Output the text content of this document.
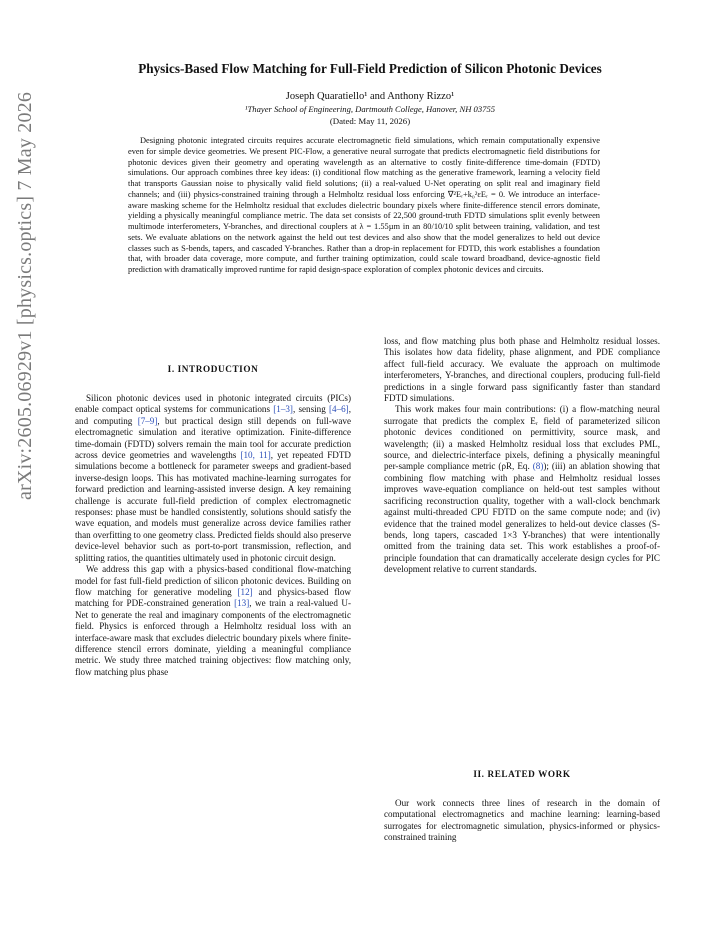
arXiv:2605.06929v1 [physics.optics] 7 May 2026
Physics-Based Flow Matching for Full-Field Prediction of Silicon Photonic Devices
Joseph Quaratiello¹ and Anthony Rizzo¹
¹Thayer School of Engineering, Dartmouth College, Hanover, NH 03755
(Dated: May 11, 2026)

Designing photonic integrated circuits requires accurate electromagnetic field simulations, which remain computationally expensive even for simple device geometries. We present PIC-Flow, a generative neural surrogate that predicts electromagnetic field distributions for photonic devices given their geometry and operating wavelength as an alternative to costly finite-difference time-domain (FDTD) simulations. Our approach combines three key ideas: (i) conditional flow matching as the generative framework, learning a velocity field that transports Gaussian noise to physically valid field solutions; (ii) a real-valued U-Net operating on split real and imaginary field channels; and (iii) physics-constrained training through a Helmholtz residual loss enforcing ∇²Eᵣ+k₀²εEᵣ = 0. We introduce an interface-aware masking scheme for the Helmholtz residual that excludes dielectric boundary pixels where finite-difference stencil errors dominate, yielding a physically meaningful compliance metric. The data set consists of 22,500 ground-truth FDTD simulations split evenly between multimode interferometers, Y-branches, and directional couplers at λ = 1.55µm in an 80/10/10 split between training, validation, and test sets. We evaluate ablations on the network against the held out test devices and also show that the model generalizes to held out device classes such as S-bends, tapers, and cascaded Y-branches. Rather than a drop-in replacement for FDTD, this work establishes a foundation that, with broader data coverage, more compute, and further training optimization, could scale toward broadband, device-agnostic field prediction with dramatically improved runtime for rapid design-space exploration of complex photonic devices and circuits.

I. INTRODUCTION

Silicon photonic devices used in photonic integrated circuits (PICs) enable compact optical systems for communications [1–3], sensing [4–6], and computing [7–9], but practical design still depends on full-wave electromagnetic simulation and iterative optimization. Finite-difference time-domain (FDTD) solvers remain the main tool for accurate prediction across device geometries and wavelengths [10, 11], yet repeated FDTD simulations become a bottleneck for parameter sweeps and gradient-based inverse-design loops. This has motivated machine-learning surrogates for forward prediction and learning-assisted inverse design. A key remaining challenge is accurate full-field prediction of complex electromagnetic responses: phase must be handled consistently, solutions should satisfy the wave equation, and models must generalize across device families rather than overfitting to one geometry class. Predicted fields should also preserve device-level behavior such as port-to-port transmission, reflection, and splitting ratios, the quantities ultimately used in photonic circuit design.

We address this gap with a physics-based conditional flow-matching model for fast full-field prediction of silicon photonic devices. Building on flow matching for generative modeling [12] and physics-based flow matching for PDE-constrained generation [13], we train a real-valued U-Net to generate the real and imaginary components of the electromagnetic field. Physics is enforced through a Helmholtz residual loss with an interface-aware mask that excludes dielectric boundary pixels where finite-difference stencil errors dominate, yielding a meaningful compliance metric. We study three matched training objectives: flow matching only, flow matching plus phase

loss, and flow matching plus both phase and Helmholtz residual losses. This isolates how data fidelity, phase alignment, and PDE compliance affect full-field accuracy. We evaluate the approach on multimode interferometers, Y-branches, and directional couplers, producing full-field predictions in a single forward pass significantly faster than standard FDTD simulations.

This work makes four main contributions: (i) a flow-matching neural surrogate that predicts the complex Eᵣ field of parameterized silicon photonic devices conditioned on permittivity, source mask, and wavelength; (ii) a masked Helmholtz residual loss that excludes PML, source, and dielectric-interface pixels, defining a physically meaningful per-sample compliance metric (ρR, Eq. (8)); (iii) an ablation showing that combining flow matching with phase and Helmholtz residual losses improves wave-equation compliance on held-out test samples without sacrificing reconstruction quality, together with a wall-clock benchmark against multi-threaded CPU FDTD on the same compute node; and (iv) evidence that the trained model generalizes to held-out device classes (S-bends, long tapers, cascaded 1×3 Y-branches) that were intentionally omitted from the training data set. This work establishes a proof-of-principle foundation that can dramatically accelerate design cycles for PIC development relative to current standards.

II. RELATED WORK

Our work connects three lines of research in the domain of computational electromagnetics and machine learning: learning-based surrogates for electromagnetic simulation, physics-informed or physics-constrained training
